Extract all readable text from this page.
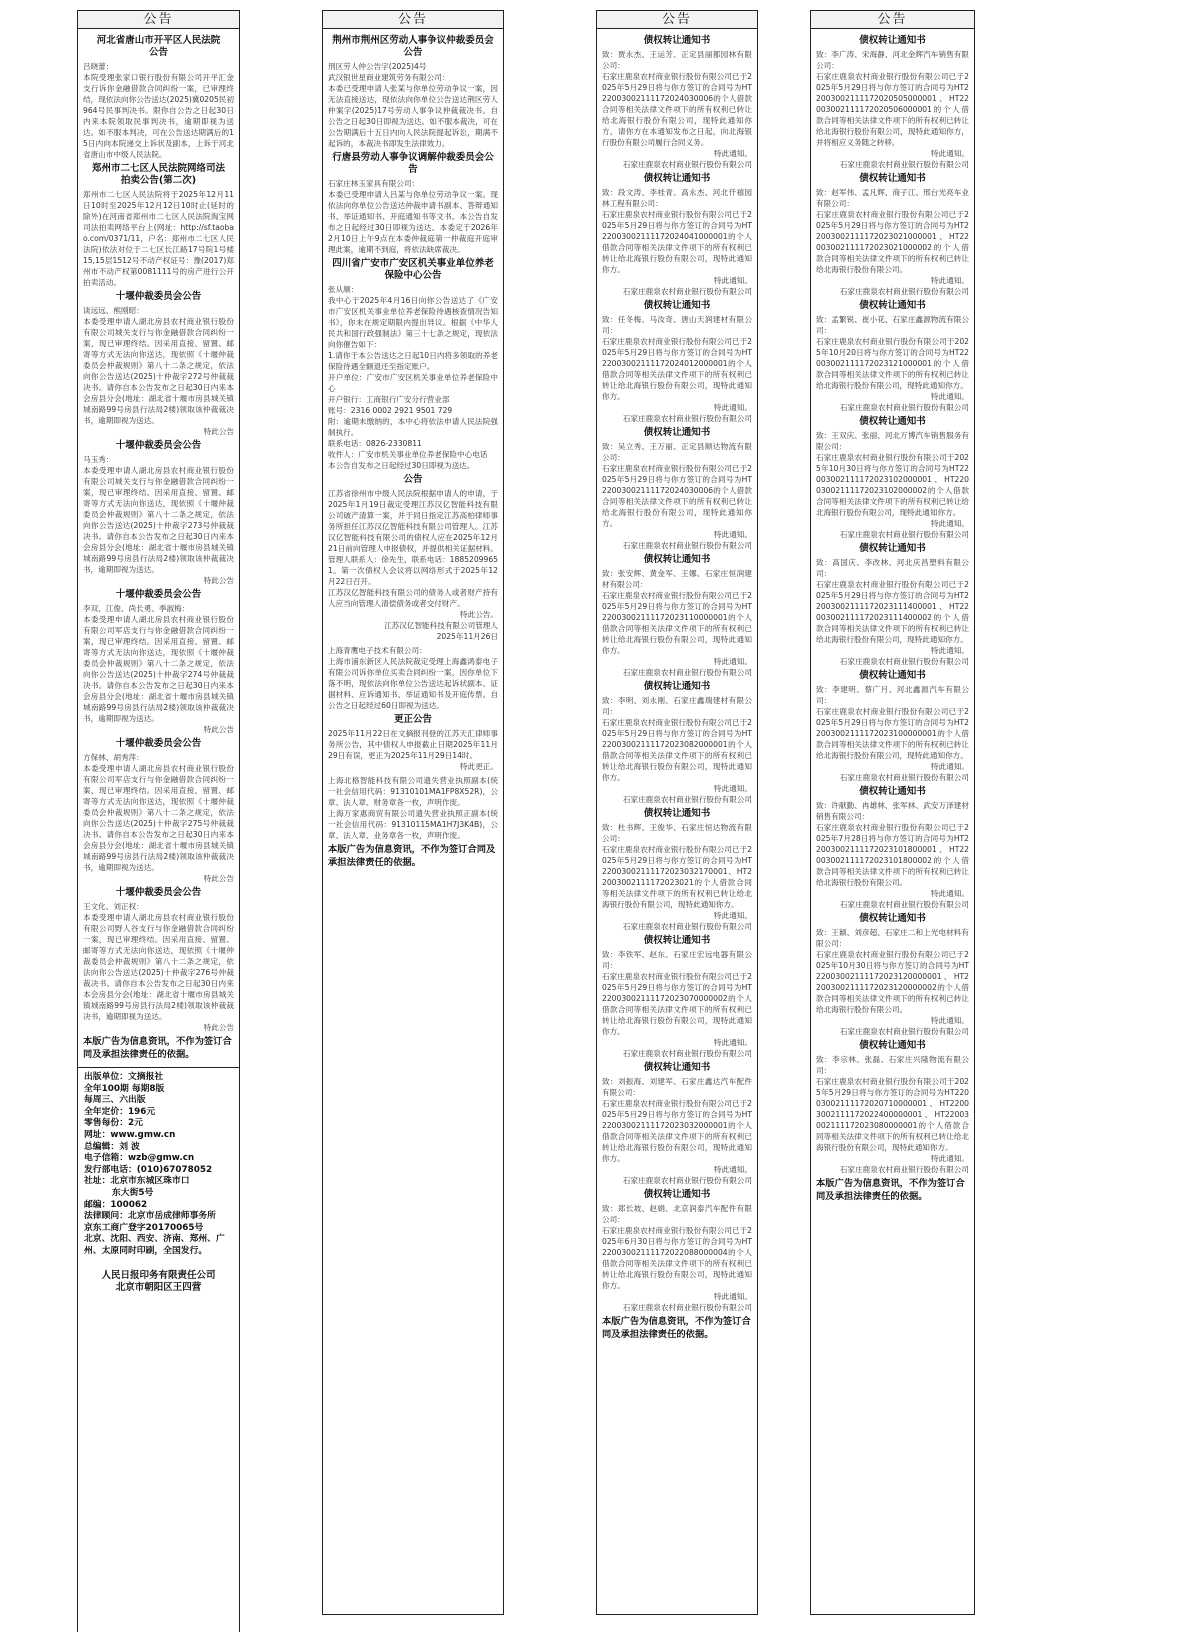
公告
河北省唐山市开平区人民法院
公告

吕晓蕾：
本院受理张家口银行股份有限公司开平汇金支行诉你金融借款合同纠纷一案，已审理终结，现依法向你公告送达(2025)冀0205民初964号民事判决书。限你自公告之日起30日内来本院领取民事判决书，逾期即视为送达。如不服本判决，可在公告送达期满后的15日内向本院递交上诉状及副本，上诉于河北省唐山市中级人民法院。

郑州市二七区人民法院网络司法
拍卖公告(第二次)

郑州市二七区人民法院将于2025年12月11日10时至2025年12月12日10时止(延时的除外)在河南省郑州市二七区人民法院淘宝网司法拍卖网络平台上(网址：http://sf.taobao.com/0371/11，户名：郑州市二七区人民法院)依法对位于二七区长江路17号院1号楼15,15层1512号不动产权证号：豫(2017)郑州市不动产权第0081111号的房产进行公开拍卖活动。

十堰仲裁委员会公告

谈远远、熊刚昭：
本委受理申请人湖北房县农村商业银行股份有限公司城关支行与你金融借款合同纠纷一案，现已审理终结。因采用直接、留置、邮寄等方式无法向你送达，现依照《十堰仲裁委员会仲裁规则》第八十二条之规定，依法向你公告送达(2025)十仲裁字272号仲裁裁决书。请你自本公告发布之日起30日内来本会房县分会(地址：湖北省十堰市房县城关镇城南路99号房县行法局2楼)领取该仲裁裁决书，逾期即视为送达。

特此公告
十堰仲裁委员会公告

马玉秀：
本委受理申请人湖北房县农村商业银行股份有限公司城关支行与你金融借款合同纠纷一案，现已审理终结。因采用直接、留置、邮寄等方式无法向你送达，现依照《十堰仲裁委员会仲裁规则》第八十二条之规定，依法向你公告送达(2025)十仲裁字273号仲裁裁决书。请你自本公告发布之日起30日内来本会房县分会(地址：湖北省十堰市房县城关镇城南路99号房县行法局2楼)领取该仲裁裁决书，逾期即视为送达。

特此公告
十堰仲裁委员会公告

李双、江俊、尚长勇、季淑梅：
本委受理申请人湖北房县农村商业银行股份有限公司军店支行与你金融借款合同纠纷一案，现已审理终结。因采用直接、留置、邮寄等方式无法向你送达，现依照《十堰仲裁委员会仲裁规则》第八十二条之规定，依法向你公告送达(2025)十仲裁字274号仲裁裁决书。请你自本公告发布之日起30日内来本会房县分会(地址：湖北省十堰市房县城关镇城南路99号房县行法局2楼)领取该仲裁裁决书，逾期即视为送达。

特此公告
十堰仲裁委员会公告

方保林、胡秀萍：
本委受理申请人湖北房县农村商业银行股份有限公司军店支行与你金融借款合同纠纷一案，现已审理终结。因采用直接、留置、邮寄等方式无法向你送达，现依照《十堰仲裁委员会仲裁规则》第八十二条之规定，依法向你公告送达(2025)十仲裁字275号仲裁裁决书。请你自本公告发布之日起30日内来本会房县分会(地址：湖北省十堰市房县城关镇城南路99号房县行法局2楼)领取该仲裁裁决书，逾期即视为送达。

特此公告
十堰仲裁委员会公告

王文化、刘正权：
本委受理申请人湖北房县农村商业银行股份有限公司野人谷支行与你金融借款合同纠纷一案，现已审理终结。因采用直接、留置、邮寄等方式无法向你送达，现依照《十堰仲裁委员会仲裁规则》第八十二条之规定，依法向你公告送达(2025)十仲裁字276号仲裁裁决书。请你自本公告发布之日起30日内来本会房县分会(地址：湖北省十堰市房县城关镇城南路99号房县行法局2楼)领取该仲裁裁决书，逾期即视为送达。

特此公告
本版广告为信息资讯，不作为签订合同及承担法律责任的依据。
出版单位：文摘报社
全年100期 每期8版
每周三、六出版
全年定价：196元
零售每份：2元
网址：www.gmw.cn
总编辑：刘 波
电子信箱：wzb@gmw.cn
发行部电话：(010)67078052
社址：北京市东城区珠市口
东大街5号
邮编：100062
法律顾问：北京市岳成律师事务所
京东工商广登字20170065号
北京、沈阳、西安、济南、郑州、广州、太原同时印刷，全国发行。
人民日报印务有限责任公司
北京市朝阳区王四营
公告
荆州市荆州区劳动人事争议仲裁委员会公告

刑区劳人仲公告字(2025)4号
武汉银世星商业建筑劳务有限公司：
本委已受理申请人张某与你单位劳动争议一案，因无法直接送达，现依法向你单位公告送达荆区劳人仲案字(2025)17号劳动人事争议仲裁裁决书。自公告之日起30日即视为送达。如不服本裁决，可在公告期满后十五日内向人民法院提起诉讼，期满不起诉的，本裁决书即发生法律效力。

行唐县劳动人事争议调解仲裁委员会公告

石家庄林玉家具有限公司：
本委已受理申请人吕某与你单位劳动争议一案。现依法向你单位公告送达仲裁申请书副本、答辩通知书、举证通知书、开庭通知书等文书。本公告自发布之日起经过30日即视为送达。本委定于2026年2月10日上午9点在本委仲裁庭第一仲裁庭开庭审理此案，逾期不到庭，将依法缺席裁决。

四川省广安市广安区机关事业单位养老保险中心公告

张从顺：
我中心于2025年4月16日向你公告送达了《广安市广安区机关事业单位养老保险待遇核查情况告知书》，你未在规定期限内提出异议。根据《中华人民共和国行政强制法》第三十七条之规定，现依法向你催告如下：
1.请你于本公告送达之日起10日内将多领取的养老保险待遇全额退还至指定账户。
开户单位：广安市广安区机关事业单位养老保险中心
开户银行：工商银行广安分行营业部
账号：2316 0002 2921 9501 729
附：逾期未缴纳的，本中心将依法申请人民法院强制执行。
联系电话：0826-2330811
收件人：广安市机关事业单位养老保险中心电话
本公告自发布之日起经过30日即视为送达。

公告

江苏省徐州市中级人民法院根据申请人的申请，于2025年1月19日裁定受理江苏汉亿智能科技有限公司破产清算一案，并于同日指定江苏高柏律师事务所担任江苏汉亿智能科技有限公司管理人。江苏汉亿智能科技有限公司的债权人应在2025年12月21日前向管理人申报债权，并提供相关证据材料。管理人联系人：徐先生，联系电话：18852099651。第一次债权人会议将以网络形式于2025年12月22日召开。
江苏汉亿智能科技有限公司的债务人或者财产持有人应当向管理人清偿债务或者交付财产。

特此公告。
江苏汉亿智能科技有限公司管理人
2025年11月26日

上海青鹰电子技术有限公司：
上海市浦东新区人民法院裁定受理上海鑫鸿泰电子有限公司诉你单位买卖合同纠纷一案，因你单位下落不明，现依法向你单位公告送达起诉状副本、证据材料、应诉通知书、举证通知书及开庭传票。自公告之日起经过60日即视为送达。

更正公告

2025年11月22日在文摘报刊登的江苏天汇律师事务所公告，其中债权人申报截止日期2025年11月29日有误，更正为2025年11月29日14时。

特此更正。

上海北格智能科技有限公司遗失营业执照副本(统一社会信用代码：91310101MA1FP8X52R)，公章、法人章、财务章各一枚，声明作废。

上海万家惠商贸有限公司遗失营业执照正副本(统一社会信用代码：91310115MA1H7J3K4B)，公章、法人章、业务章各一枚，声明作废。

本版广告为信息资讯，不作为签订合同及承担法律责任的依据。
公告
债权转让通知书

致：贾永杰、王运芳、正定县丽都园林有限公司：
石家庄鹿泉农村商业银行股份有限公司已于2025年5月29日将与你方签订的合同号为HT22003002111172024030006的个人借款合同等相关法律文件项下的所有权利已转让给北海银行股份有限公司，现特此通知你方，请你方在本通知发布之日起，向北海银行股份有限公司履行合同义务。

特此通知。
石家庄鹿泉农村商业银行股份有限公司
债权转让通知书

致：段文涛、李桂青、高永杰、河北仟禧园林工程有限公司：
石家庄鹿泉农村商业银行股份有限公司已于2025年5月29日将与你方签订的合同号为HT22003002111172024041000001的个人借款合同等相关法律文件项下的所有权利已转让给北海银行股份有限公司，现特此通知你方。

特此通知。
石家庄鹿泉农村商业银行股份有限公司
债权转让通知书

致：任冬梅、马汝奇、唐山天润建材有限公司：
石家庄鹿泉农村商业银行股份有限公司已于2025年5月29日将与你方签订的合同号为HT22003002111172024012000001的个人借款合同等相关法律文件项下的所有权利已转让给北海银行股份有限公司，现特此通知你方。

特此通知。
石家庄鹿泉农村商业银行股份有限公司
债权转让通知书

致：吴立秀、王万丽、正定县顺达物流有限公司：
石家庄鹿泉农村商业银行股份有限公司已于2025年5月29日将与你方签订的合同号为HT22003002111172024030006的个人借款合同等相关法律文件项下的所有权利已转让给北海银行股份有限公司，现特此通知你方。

特此通知。
石家庄鹿泉农村商业银行股份有限公司
债权转让通知书

致：张安辉、黄金军、王娜、石家庄恒润建材有限公司：
石家庄鹿泉农村商业银行股份有限公司已于2025年5月29日将与你方签订的合同号为HT22003002111172023110000001的个人借款合同等相关法律文件项下的所有权利已转让给北海银行股份有限公司，现特此通知你方。

特此通知。
石家庄鹿泉农村商业银行股份有限公司
债权转让通知书

致：李明、刘永刚、石家庄鑫瑞建材有限公司：
石家庄鹿泉农村商业银行股份有限公司已于2025年5月29日将与你方签订的合同号为HT22003002111172023082000001的个人借款合同等相关法律文件项下的所有权利已转让给北海银行股份有限公司，现特此通知你方。

特此通知。
石家庄鹿泉农村商业银行股份有限公司
债权转让通知书

致：杜书辉、王俊华、石家庄恒达物流有限公司：
石家庄鹿泉农村商业银行股份有限公司已于2025年5月29日将与你方签订的合同号为HT22003002111172023032170001、HT22003002111172023021的个人借款合同等相关法律文件项下的所有权利已转让给北海银行股份有限公司，现特此通知你方。

特此通知。
石家庄鹿泉农村商业银行股份有限公司
债权转让通知书

致：李铁军、赵东、石家庄宏远电器有限公司：
石家庄鹿泉农村商业银行股份有限公司已于2025年5月29日将与你方签订的合同号为HT22003002111172023070000002的个人借款合同等相关法律文件项下的所有权利已转让给北海银行股份有限公司，现特此通知你方。

特此通知。
石家庄鹿泉农村商业银行股份有限公司
债权转让通知书

致：刘振海、刘建军、石家庄鑫达汽车配件有限公司：
石家庄鹿泉农村商业银行股份有限公司已于2025年5月29日将与你方签订的合同号为HT22003002111172023032000001的个人借款合同等相关法律文件项下的所有权利已转让给北海银行股份有限公司，现特此通知你方。

特此通知。
石家庄鹿泉农村商业银行股份有限公司
债权转让通知书

致：郑长坡、赵娟、北京润泰汽车配件有限公司：
石家庄鹿泉农村商业银行股份有限公司已于2025年6月30日将与你方签订的合同号为HT22003002111172022088000004的个人借款合同等相关法律文件项下的所有权利已转让给北海银行股份有限公司，现特此通知你方。

特此通知。
石家庄鹿泉农村商业银行股份有限公司
本版广告为信息资讯，不作为签订合同及承担法律责任的依据。
公告
债权转让通知书

致：李广涛、宋海静、河北金辉汽车销售有限公司：
石家庄鹿泉农村商业银行股份有限公司已于2025年5月29日将与你方签订的合同号为HT22003002111172020505000001、HT22003002111172020506000001的个人借款合同等相关法律文件项下的所有权利已转让给北海银行股份有限公司，现特此通知你方，并将相应义务随之转移。

特此通知。
石家庄鹿泉农村商业银行股份有限公司
债权转让通知书

致：赵军伟、孟凡辉、商子江、邢台光亮车业有限公司：
石家庄鹿泉农村商业银行股份有限公司已于2025年5月29日将与你方签订的合同号为HT22003002111172023021000001、HT22003002111172023021000002的个人借款合同等相关法律文件项下的所有权利已转让给北海银行股份有限公司。

特此通知。
石家庄鹿泉农村商业银行股份有限公司
债权转让通知书

致：孟繁锐、崔小花、石家庄鑫源物流有限公司：
石家庄鹿泉农村商业银行股份有限公司于2025年10月20日将与你方签订的合同号为HT22003002111172023121000001的个人借款合同等相关法律文件项下的所有权利已转让给北海银行股份有限公司，现特此通知你方。

特此通知。
石家庄鹿泉农村商业银行股份有限公司
债权转让通知书

致：王双庆、张丽、河北万博汽车销售服务有限公司：
石家庄鹿泉农村商业银行股份有限公司于2025年10月30日将与你方签订的合同号为HT22003002111172023102000001、HT22003002111172023102000002的个人借款合同等相关法律文件项下的所有权利已转让给北海银行股份有限公司，现特此通知你方。

特此通知。
石家庄鹿泉农村商业银行股份有限公司
债权转让通知书

致：高国庆、李改林、河北庆昌塑料有限公司：
石家庄鹿泉农村商业银行股份有限公司已于2025年5月29日将与你方签订的合同号为HT22003002111172023111400001、HT22003002111172023111400002的个人借款合同等相关法律文件项下的所有权利已转让给北海银行股份有限公司，现特此通知你方。

特此通知。
石家庄鹿泉农村商业银行股份有限公司
债权转让通知书

致：李建明、蔡广月、河北鑫源汽车有限公司：
石家庄鹿泉农村商业银行股份有限公司已于2025年5月29日将与你方签订的合同号为HT22003002111172023100000001的个人借款合同等相关法律文件项下的所有权利已转让给北海银行股份有限公司，现特此通知你方。

特此通知。
石家庄鹿泉农村商业银行股份有限公司
债权转让通知书

致：许献勤、冉雄林、张军林、武安万泽建材销售有限公司：
石家庄鹿泉农村商业银行股份有限公司已于2025年7月28日将与你方签订的合同号为HT22003002111172023101800001、HT22003002111172023101800002的个人借款合同等相关法律文件项下的所有权利已转让给北海银行股份有限公司。

特此通知。
石家庄鹿泉农村商业银行股份有限公司
债权转让通知书

致：王颖、刘彦超、石家庄二和上光电材料有限公司：
石家庄鹿泉农村商业银行股份有限公司已于2025年10月30日将与你方签订的合同号为HT22003002111172023120000001、HT22003002111172023120000002的个人借款合同等相关法律文件项下的所有权利已转让给北海银行股份有限公司。

特此通知。
石家庄鹿泉农村商业银行股份有限公司
债权转让通知书

致：李宗林、张磊、石家庄兴隆物流有限公司：
石家庄鹿泉农村商业银行股份有限公司于2025年5月29日将与你方签订的合同号为HT22003002111172020710000001、HT22003002111172022400000001、HT22003002111172023080000001的个人借款合同等相关法律文件项下的所有权利已转让给北海银行股份有限公司，现特此通知你方。

特此通知。
石家庄鹿泉农村商业银行股份有限公司
本版广告为信息资讯，不作为签订合同及承担法律责任的依据。
